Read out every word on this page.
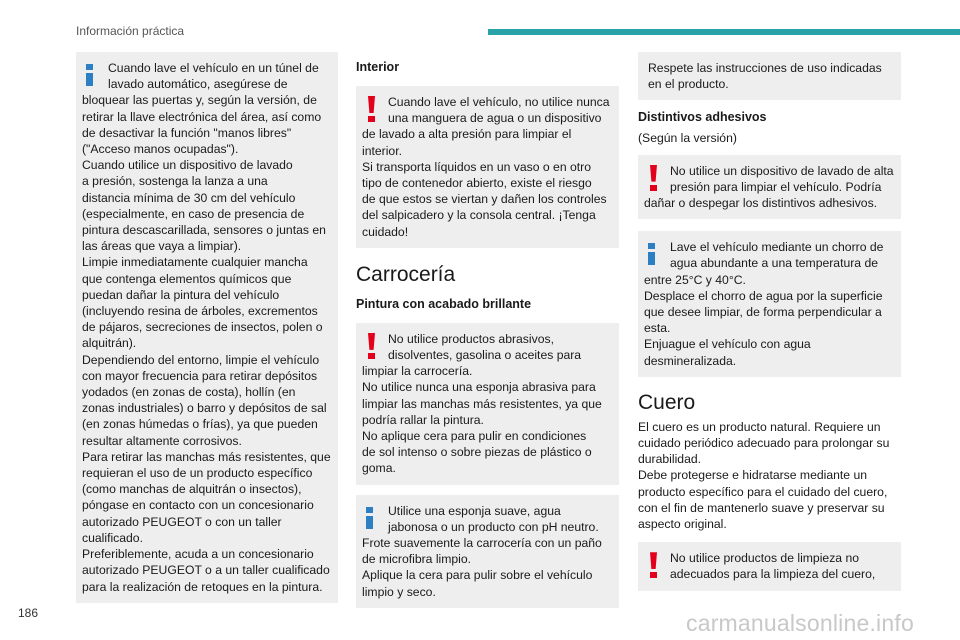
Información práctica
Cuando lave el vehículo en un túnel de
lavado automático, asegúrese de
bloquear las puertas y, según la versión, de
retirar la llave electrónica del área, así como
de desactivar la función "manos libres"
("Acceso manos ocupadas").
Cuando utilice un dispositivo de lavado
a presión, sostenga la lanza a una
distancia mínima de 30 cm del vehículo
(especialmente, en caso de presencia de
pintura descascarillada, sensores o juntas en
las áreas que vaya a limpiar).
Limpie inmediatamente cualquier mancha
que contenga elementos químicos que
puedan dañar la pintura del vehículo
(incluyendo resina de árboles, excrementos
de pájaros, secreciones de insectos, polen o
alquitrán).
Dependiendo del entorno, limpie el vehículo
con mayor frecuencia para retirar depósitos
yodados (en zonas de costa), hollín (en
zonas industriales) o barro y depósitos de sal
(en zonas húmedas o frías), ya que pueden
resultar altamente corrosivos.
Para retirar las manchas más resistentes, que
requieran el uso de un producto específico
(como manchas de alquitrán o insectos),
póngase en contacto con un concesionario
autorizado PEUGEOT o con un taller
cualificado.
Preferiblemente, acuda a un concesionario
autorizado PEUGEOT o a un taller cualificado
para la realización de retoques en la pintura.
Interior
Cuando lave el vehículo, no utilice nunca
una manguera de agua o un dispositivo
de lavado a alta presión para limpiar el
interior.
Si transporta líquidos en un vaso o en otro
tipo de contenedor abierto, existe el riesgo
de que estos se viertan y dañen los controles
del salpicadero y la consola central. ¡Tenga
cuidado!
Carrocería
Pintura con acabado brillante
No utilice productos abrasivos,
disolventes, gasolina o aceites para
limpiar la carrocería.
No utilice nunca una esponja abrasiva para
limpiar las manchas más resistentes, ya que
podría rallar la pintura.
No aplique cera para pulir en condiciones
de sol intenso o sobre piezas de plástico o
goma.
Utilice una esponja suave, agua
jabonosa o un producto con pH neutro.
Frote suavemente la carrocería con un paño
de microfibra limpio.
Aplique la cera para pulir sobre el vehículo
limpio y seco.
Respete las instrucciones de uso indicadas
en el producto.
Distintivos adhesivos
(Según la versión)
No utilice un dispositivo de lavado de alta
presión para limpiar el vehículo. Podría
dañar o despegar los distintivos adhesivos.
Lave el vehículo mediante un chorro de
agua abundante a una temperatura de
entre 25°C y 40°C.
Desplace el chorro de agua por la superficie
que desee limpiar, de forma perpendicular a
esta.
Enjuague el vehículo con agua
desmineralizada.
Cuero
El cuero es un producto natural. Requiere un
cuidado periódico adecuado para prolongar su
durabilidad.
Debe protegerse e hidratarse mediante un
producto específico para el cuidado del cuero,
con el fin de mantenerlo suave y preservar su
aspecto original.
No utilice productos de limpieza no
adecuados para la limpieza del cuero,
186	carmanualsonline.info
